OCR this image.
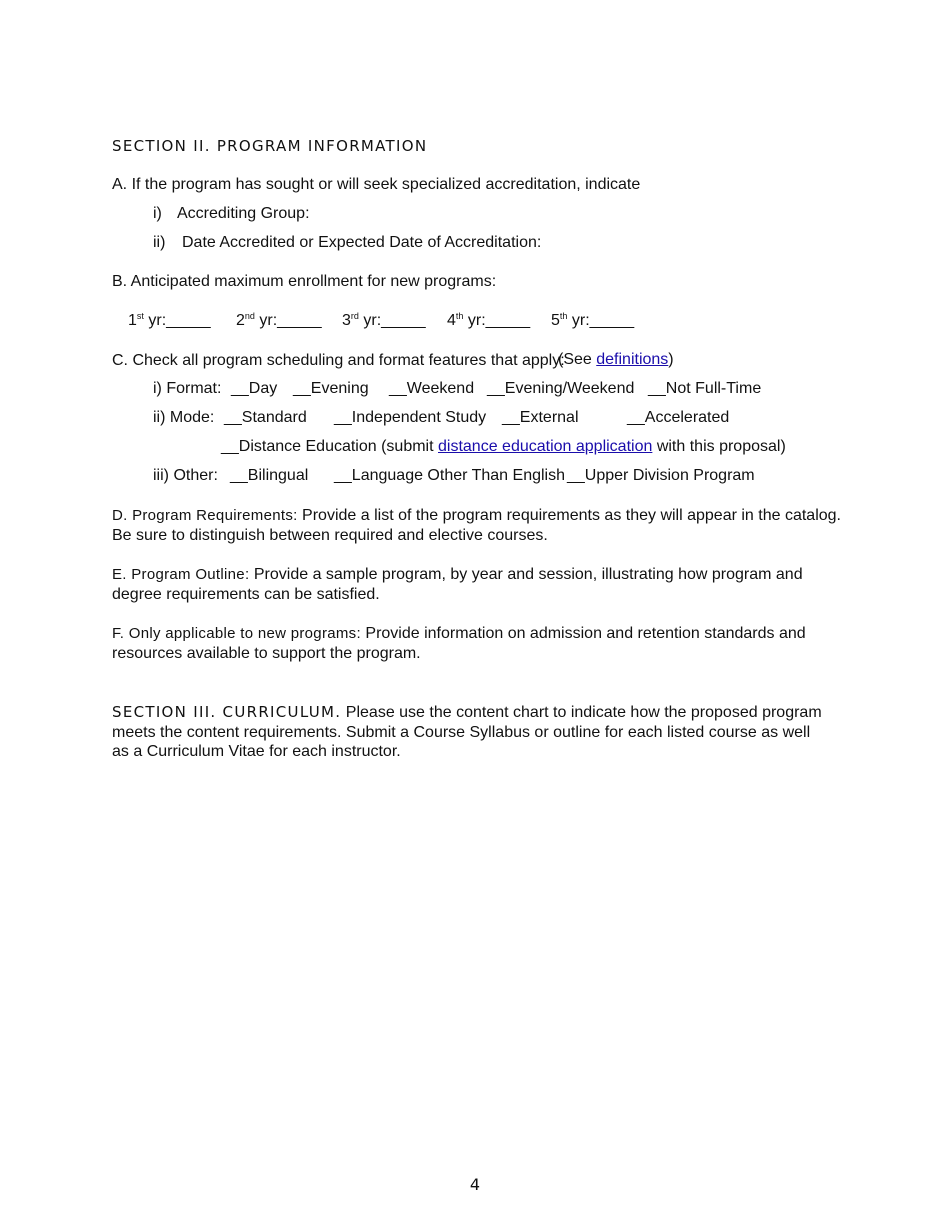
SECTION II. PROGRAM INFORMATION
A. If the program has sought or will seek specialized accreditation, indicate
i) Accrediting Group:
ii) Date Accredited or Expected Date of Accreditation:
B. Anticipated maximum enrollment for new programs:
1st yr:_____ 2nd yr:_____ 3rd yr:_____ 4th yr:_____ 5th yr:_____
C. Check all program scheduling and format features that apply:
(See definitions)
i) Format: __Day __Evening __Weekend __Evening/Weekend __Not Full-Time
ii) Mode: __Standard __Independent Study __External	__Accelerated
__Distance Education (submit distance education application with this proposal)
iii) Other: __Bilingual __Language Other Than English __Upper Division Program
D. Program Requirements: Provide a list of the program requirements as they will appear in the catalog. Be sure to distinguish between required and elective courses.
E. Program Outline: Provide a sample program, by year and session, illustrating how program and degree requirements can be satisfied.
F. Only applicable to new programs: Provide information on admission and retention standards and resources available to support the program.
SECTION III. CURRICULUM. Please use the content chart to indicate how the proposed program meets the content requirements. Submit a Course Syllabus or outline for each listed course as well as a Curriculum Vitae for each instructor.
4
